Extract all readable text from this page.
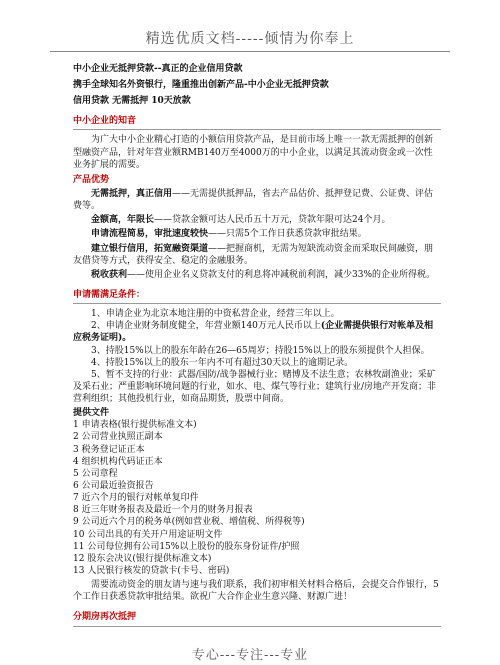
精选优质文档-----倾情为你奉上
中小企业无抵押贷款--真正的企业信用贷款
携手全球知名外资银行，隆重推出创新产品-中小企业无抵押贷款
信用贷款 无需抵押 10天放款
中小企业的知音
为广大中小企业精心打造的小额信用贷款产品，是目前市场上唯一一款无需抵押的创新型融资产品，针对年营业额RMB140万至4000万的中小企业，以满足其流动资金或一次性业务扩展的需要。
产品优势
无需抵押，真正信用——无需提供抵押品，省去产品估价、抵押登记费、公证费、评估费等。
金额高，年限长——贷款金额可达人民币五十万元，贷款年限可达24个月。
申请流程简易，审批速度较快——只需5个工作日获悉贷款审批结果。
建立银行信用，拓宽融资渠道——把握商机，无需为短缺流动资金而采取民间融资，朋友借贷等方式，获得安全、稳定的金融服务。
税收获利——使用企业名义贷款支付的利息将冲减税前利润，减少33%的企业所得税。
申请需满足条件：
1、申请企业为北京本地注册的中资私营企业，经营三年以上。
2、申请企业财务制度健全，年营业额140万元人民币以上(企业需提供银行对帐单及相应税务证明)。
3、持股15%以上的股东年龄在26—65周岁；持股15%以上的股东须提供个人担保。
4、持股15%以上的股东一年内不可有超过30天以上的逾期记录。
5、暂不支持的行业：武器/国防/战争器械行业；赌博及不法生意；农林牧副渔业；采矿及采石业；严重影响环境问题的行业，如水、电、煤气等行业；建筑行业/房地产开发商；非营利组织；其他投机行业，如商品期货，股票中间商。
提供文件
1 申请表格(银行提供标准文本)
2 公司营业执照正副本
3 税务登记证正本
4 组织机构代码证正本
5 公司章程
6 公司最近验资报告
7 近六个月的银行对帐单复印件
8 近三年财务报表及最近一个月的财务月报表
9 公司近六个月的税务单(例如营业税、增值税、所得税等)
10 公司出具的有关开户用途证明文件
11 公司每位拥有公司15%以上股份的股东身份证件/护照
12 股东会决议(银行提供标准文本)
13 人民银行核发的贷款卡(卡号、密码)
需要流动资金的朋友请与速与我们联系，我们初审相关材料合格后，会提交合作银行，5个工作日获悉贷款审批结果。欲祝广大合作企业生意兴隆、财源广进！
分期房再次抵押
专心---专注---专业
